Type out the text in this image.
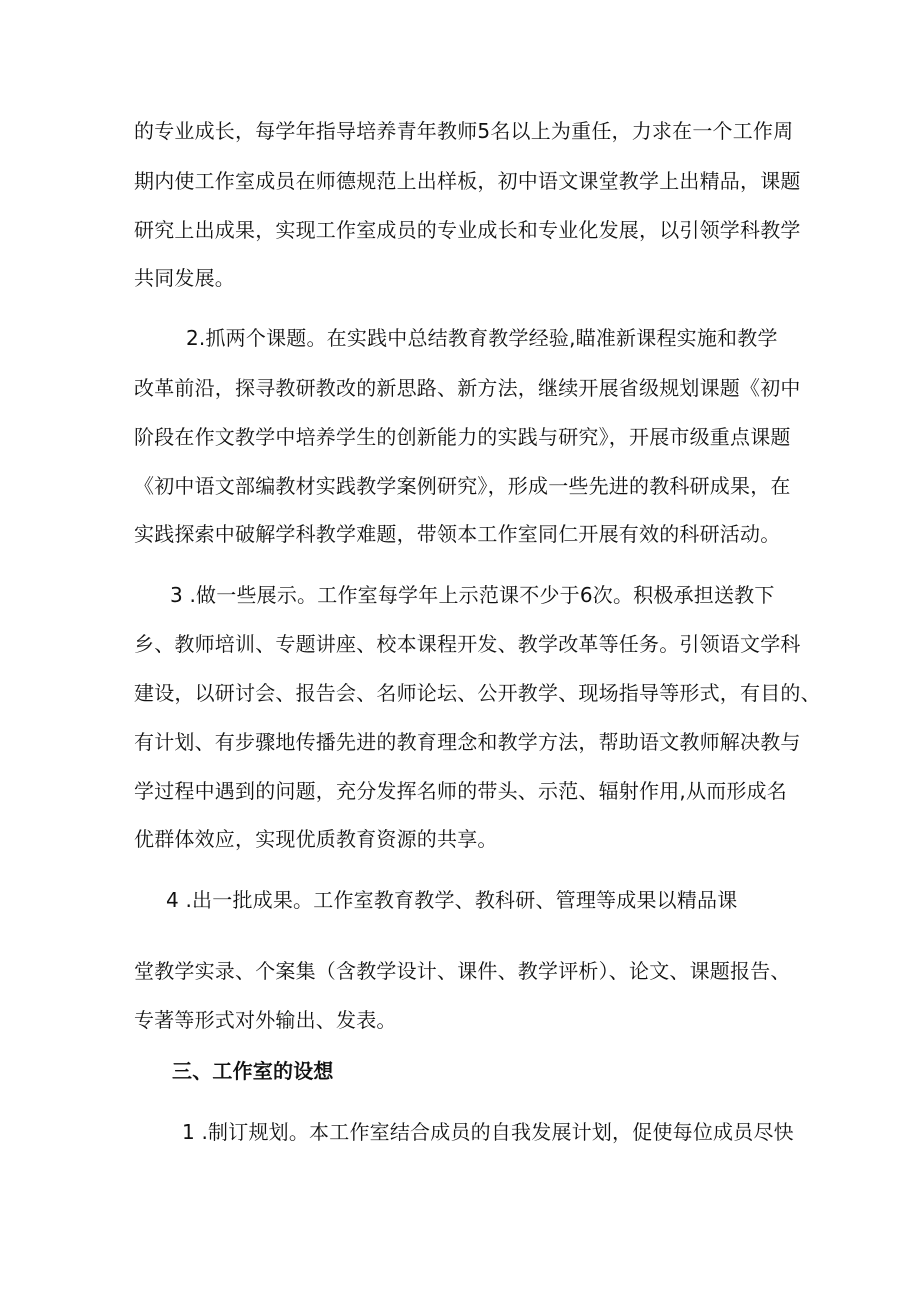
的专业成长，每学年指导培养青年教师5名以上为重任，力求在一个工作周

期内使工作室成员在师德规范上出样板，初中语文课堂教学上出精品，课题

研究上出成果，实现工作室成员的专业成长和专业化发展，以引领学科教学

共同发展。

2.抓两个课题。在实践中总结教育教学经验,瞄准新课程实施和教学

改革前沿，探寻教研教改的新思路、新方法，继续开展省级规划课题《初中

阶段在作文教学中培养学生的创新能力的实践与研究》，开展市级重点课题

《初中语文部编教材实践教学案例研究》，形成一些先进的教科研成果，在

实践探索中破解学科教学难题，带领本工作室同仁开展有效的科研活动。

3 .做一些展示。工作室每学年上示范课不少于6次。积极承担送教下

乡、教师培训、专题讲座、校本课程开发、教学改革等任务。引领语文学科

建设，以研讨会、报告会、名师论坛、公开教学、现场指导等形式，有目的、

有计划、有步骤地传播先进的教育理念和教学方法，帮助语文教师解决教与

学过程中遇到的问题，充分发挥名师的带头、示范、辐射作用,从而形成名

优群体效应，实现优质教育资源的共享。

4 .出一批成果。工作室教育教学、教科研、管理等成果以精品课

堂教学实录、个案集（含教学设计、课件、教学评析）、论文、课题报告、

专著等形式对外输出、发表。

三、工作室的设想

1 .制订规划。本工作室结合成员的自我发展计划，促使每位成员尽快
